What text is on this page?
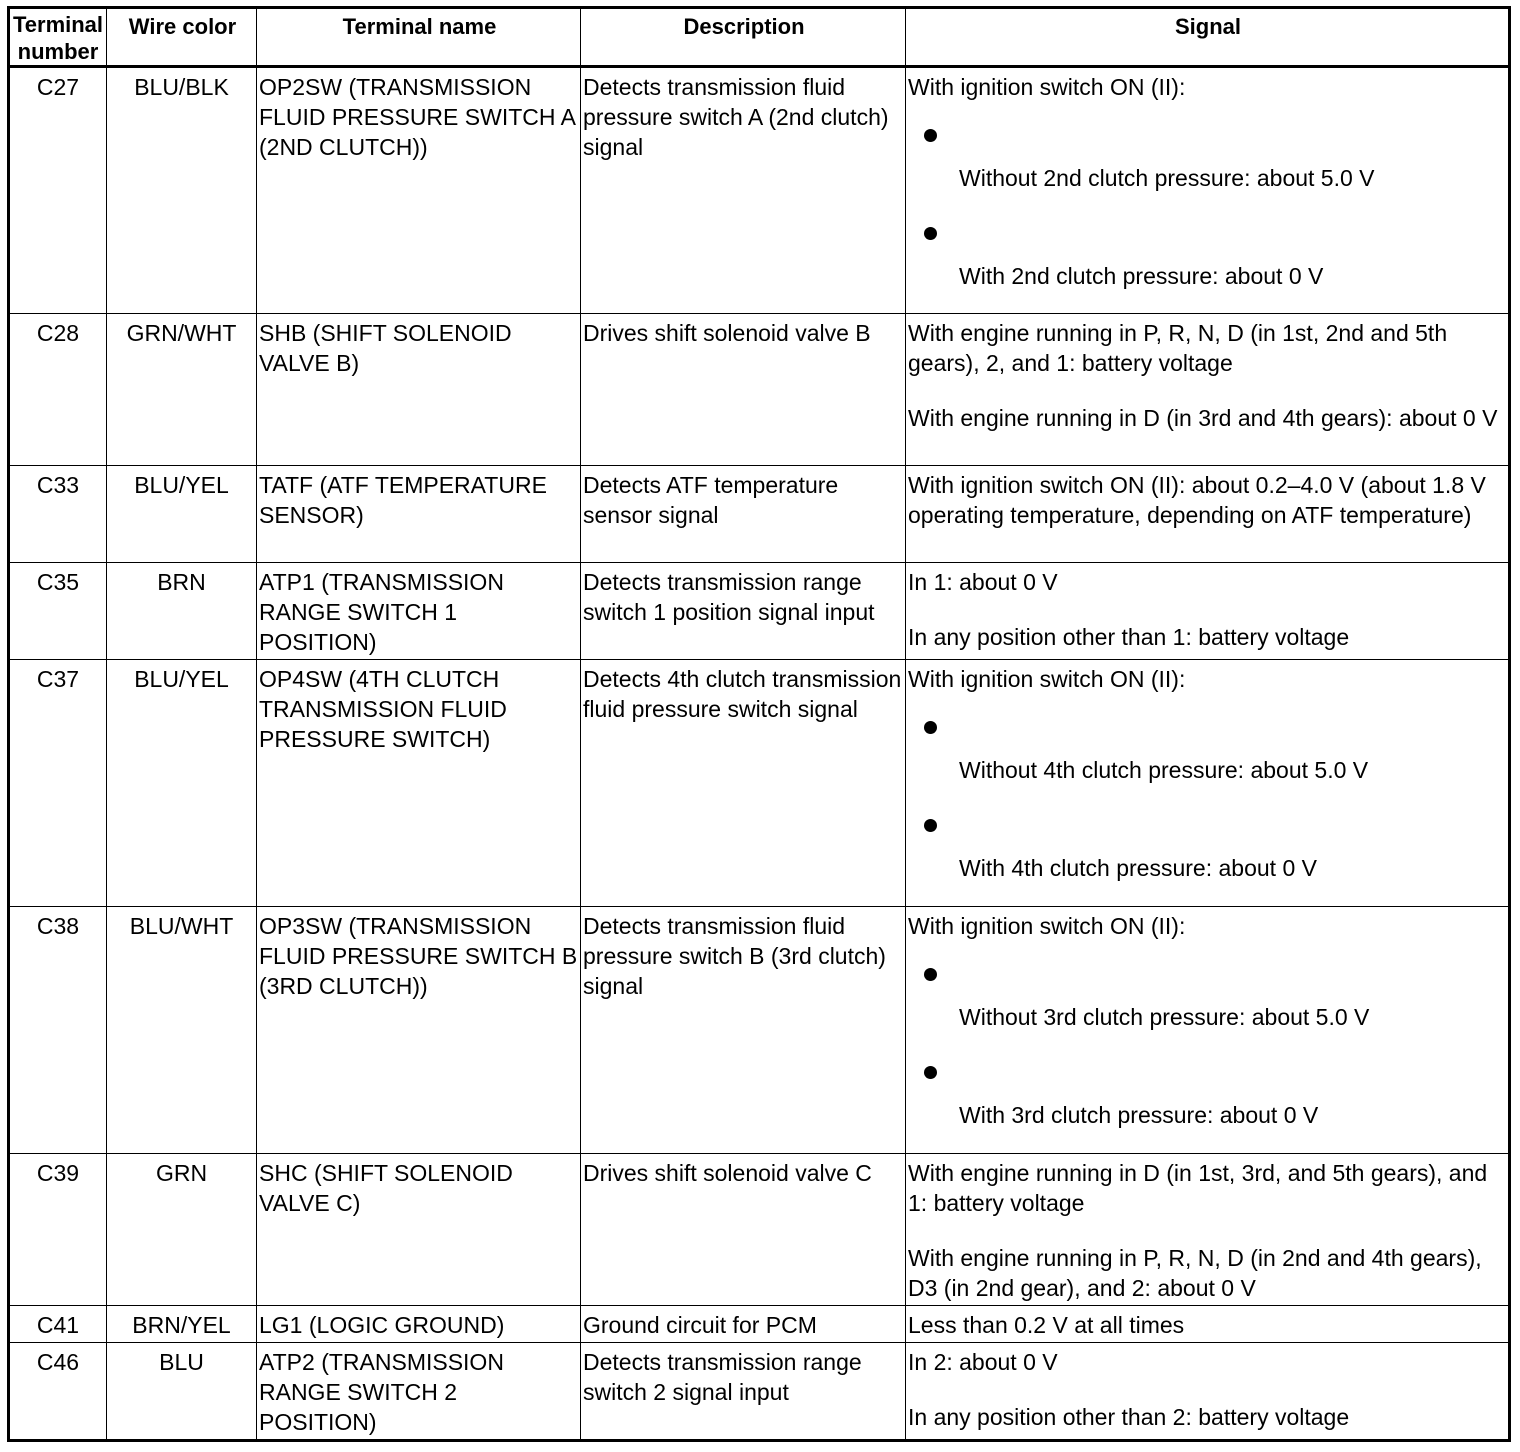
Terminal number	Wire color	Terminal name	Description	Signal
C27	BLU/BLK	OP2SW (TRANSMISSION FLUID PRESSURE SWITCH A (2ND CLUTCH))	Detects transmission fluid pressure switch A (2nd clutch) signal	With ignition switch ON (II):
Without 2nd clutch pressure: about 5.0 V
With 2nd clutch pressure: about 0 V

C28	GRN/WHT	SHB (SHIFT SOLENOID VALVE B)	Drives shift solenoid valve B	With engine running in P, R, N, D (in 1st, 2nd and 5th gears), 2, and 1: battery voltage
With engine running in D (in 3rd and 4th gears): about 0 V

C33	BLU/YEL	TATF (ATF TEMPERATURE SENSOR)	Detects ATF temperature sensor signal	With ignition switch ON (II): about 0.2–4.0 V (about 1.8 V operating temperature, depending on ATF temperature)

C35	BRN	ATP1 (TRANSMISSION RANGE SWITCH 1 POSITION)	Detects transmission range switch 1 position signal input	In 1: about 0 V
In any position other than 1: battery voltage

C37	BLU/YEL	OP4SW (4TH CLUTCH TRANSMISSION FLUID PRESSURE SWITCH)	Detects 4th clutch transmission fluid pressure switch signal	With ignition switch ON (II):
Without 4th clutch pressure: about 5.0 V
With 4th clutch pressure: about 0 V

C38	BLU/WHT	OP3SW (TRANSMISSION FLUID PRESSURE SWITCH B (3RD CLUTCH))	Detects transmission fluid pressure switch B (3rd clutch) signal	With ignition switch ON (II):
Without 3rd clutch pressure: about 5.0 V
With 3rd clutch pressure: about 0 V

C39	GRN	SHC (SHIFT SOLENOID VALVE C)	Drives shift solenoid valve C	With engine running in D (in 1st, 3rd, and 5th gears), and 1: battery voltage
With engine running in P, R, N, D (in 2nd and 4th gears), D3 (in 2nd gear), and 2: about 0 V

C41	BRN/YEL	LG1 (LOGIC GROUND)	Ground circuit for PCM	Less than 0.2 V at all times

C46	BLU	ATP2 (TRANSMISSION RANGE SWITCH 2 POSITION)	Detects transmission range switch 2 signal input	In 2: about 0 V
In any position other than 2: battery voltage
